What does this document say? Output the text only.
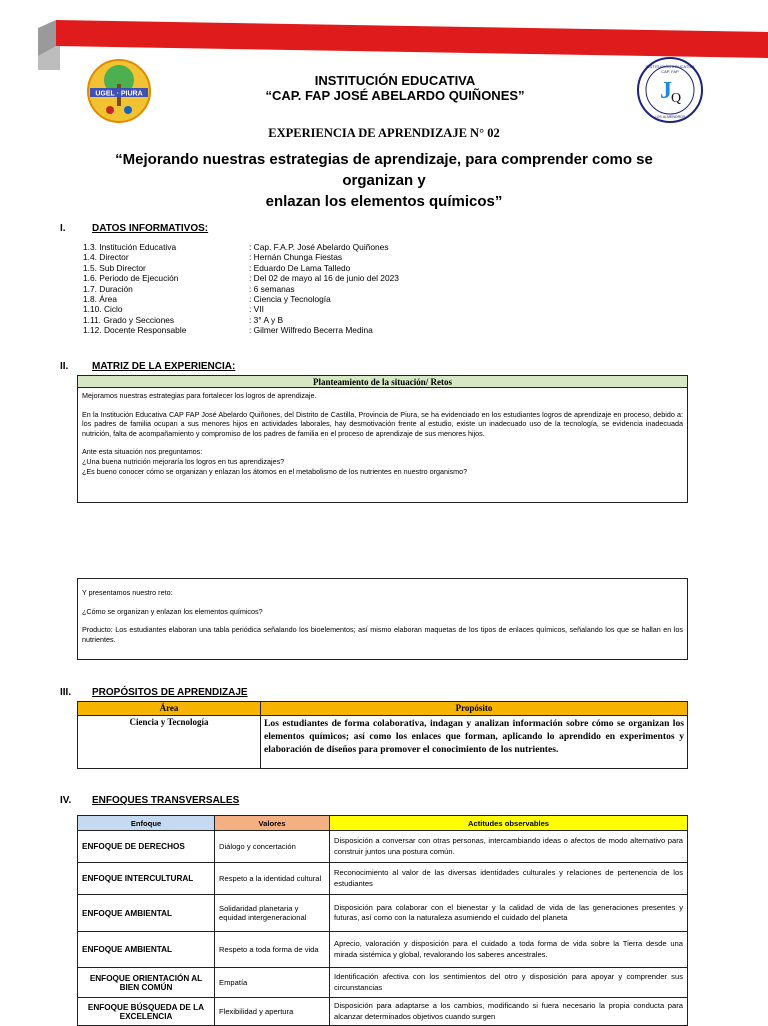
UGEL · PIURA
INSTITUCIÓN EDUCATIVA
CAP. FAP
J
Q
LOS ALMENDROS
INSTITUCIÓN EDUCATIVA
“CAP. FAP JOSÉ ABELARDO QUIÑONES”
EXPERIENCIA DE APRENDIZAJE N° 02
“Mejorando nuestras estrategias de aprendizaje, para comprender como se organizan y
enlazan los elementos químicos”
I.	DATOS INFORMATIVOS:
1.3. Institución Educativa	: Cap. F.A.P. José Abelardo Quiñones
1.4. Director	: Hernán Chunga Fiestas
1.5. Sub Director	: Eduardo De Lama Talledo
1.6. Periodo de Ejecución	: Del 02 de mayo al 16 de junio del 2023
1.7. Duración	: 6 semanas
1.8. Área	: Ciencia y Tecnología
1.10. Ciclo	: VII
1.11. Grado y Secciones	: 3° A y B
1.12. Docente Responsable	: Gilmer Wilfredo Becerra Medina
II. MATRIZ DE LA EXPERIENCIA:
Planteamiento de la situación/ Retos

Mejoramos nuestras estrategias para fortalecer los logros de aprendizaje.

En la Institución Educativa CAP FAP José Abelardo Quiñones, del Distrito de Castilla, Provincia de Piura, se ha evidenciado en los estudiantes logros de aprendizaje en proceso, debido a: los padres de familia ocupan a sus menores hijos en actividades laborales, hay desmotivación frente al estudio, existe un inadecuado uso de la tecnología, se evidencia inadecuada nutrición, falta de acompañamiento y compromiso de los padres de familia en el proceso de aprendizaje de sus menores hijos.

Ante esta situación nos preguntamos:
¿Una buena nutrición mejoraría los logros en tus aprendizajes?
¿Es bueno conocer cómo se organizan y enlazan los átomos en el metabolismo de los nutrientes en nuestro organismo?

Y presentamos nuestro reto:

¿Cómo se organizan y enlazan los elementos químicos?

Producto: Los estudiantes elaboran una tabla periódica señalando los bioelementos; así mismo elaboran maquetas de los tipos de enlaces químicos, señalando los que se hallan en los nutrientes.

III. PROPÓSITOS DE APRENDIZAJE
Área	Propósito
Ciencia y Tecnología	Los estudiantes de forma colaborativa, indagan y analizan información sobre cómo se organizan los elementos químicos; así como los enlaces que forman, aplicando lo aprendido en experimentos y elaboración de diseños para promover el conocimiento de los nutrientes.
IV. ENFOQUES TRANSVERSALES
Enfoque	Valores	Actitudes observables
ENFOQUE DE DERECHOS	Diálogo y concertación	Disposición a conversar con otras personas, intercambiando ideas o afectos de modo alternativo para construir juntos una postura común.
ENFOQUE INTERCULTURAL	Respeto a la identidad cultural	Reconocimiento al valor de las diversas identidades culturales y relaciones de pertenencia de los estudiantes
ENFOQUE AMBIENTAL	Solidaridad planetaria y equidad intergeneracional	Disposición para colaborar con el bienestar y la calidad de vida de las generaciones presentes y futuras, así como con la naturaleza asumiendo el cuidado del planeta
ENFOQUE AMBIENTAL	Respeto a toda forma de vida	Aprecio, valoración y disposición para el cuidado a toda forma de vida sobre la Tierra desde una mirada sistémica y global, revalorando los saberes ancestrales.
ENFOQUE ORIENTACIÓN AL BIEN COMÚN	Empatía	Identificación afectiva con los sentimientos del otro y disposición para apoyar y comprender sus circunstancias
ENFOQUE BÚSQUEDA DE LA EXCELENCIA	Flexibilidad y apertura	Disposición para adaptarse a los cambios, modificando si fuera necesario la propia conducta para alcanzar determinados objetivos cuando surgen
